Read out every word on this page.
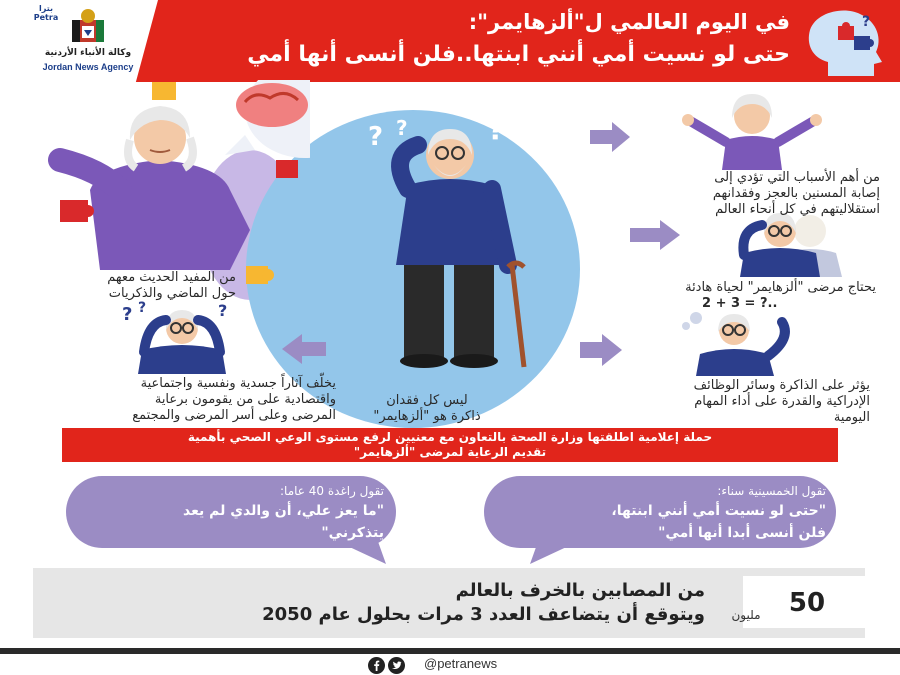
بترا Petra
وكالة الأنباء الأردنية
Jordan News Agency
في اليوم العالمي ل"ألزهايمر":
حتى لو نسيت أمي أنني ابنتها..فلن أنسى أنها أمي
?
? ?	?
2 + 3 = ?..
? ?	?
من أهم الأسباب التي تؤدي إلى
إصابة المسنين بالعجز وفقدانهم
استقلاليتهم في كل أنحاء العالم
يحتاج مرضى "ألزهايمر" لحياة هادئة
يؤثر على الذاكرة وسائر الوظائف
الإدراكية والقدرة على أداء المهام
اليومية
ليس كل فقدان
ذاكرة هو "ألزهايمر"
من المفيد الحديث معهم
حول الماضي والذكريات
يخلّف آثاراً جسدية ونفسية واجتماعية
واقتصادية على من يقومون برعاية
المرضى وعلى أسر المرضى والمجتمع
حملة إعلامية اطلقتها وزارة الصحة بالتعاون مع معنيين لرفع مستوى الوعي الصحي بأهمية
تقديم الرعاية لمرضى "ألزهايمر"
تقول الخمسينية سناء:
"حتى لو نسيت أمي أنني ابنتها،
فلن أنسى أبدا أنها أمي"
تقول راغدة 40 عاما:
"ما يعز علي، أن والدي لم يعد
يتذكرني"
50
مليون
من المصابين بالخرف بالعالم
ويتوقع أن يتضاعف العدد 3 مرات بحلول عام 2050
@petranews
